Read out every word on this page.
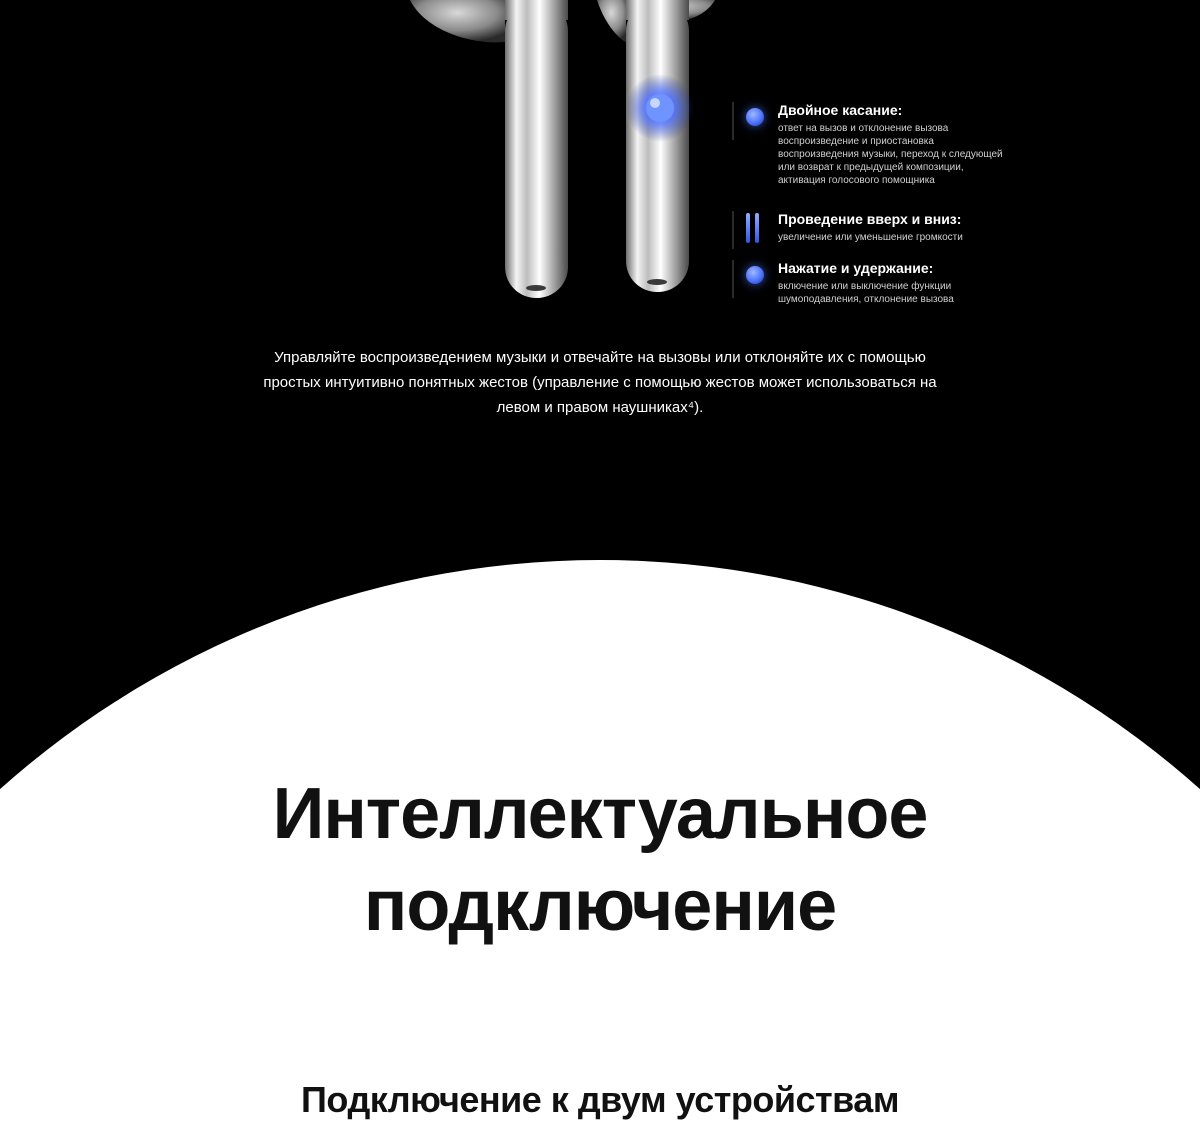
Двойное касание:
ответ на вызов и отклонение вызова
воспроизведение и приостановка
воспроизведения музыки, переход к следующей
или возврат к предыдущей композиции,
активация голосового помощника
Проведение вверх и вниз:
увеличение или уменьшение громкости
Нажатие и удержание:
включение или выключение функции
шумоподавления, отклонение вызова
Управляйте воспроизведением музыки и отвечайте на вызовы или отклоняйте их с помощью простых интуитивно понятных жестов (управление с помощью жестов может использоваться на левом и правом наушниках⁴).
Интеллектуальное
подключение
Подключение к двум устройствам
